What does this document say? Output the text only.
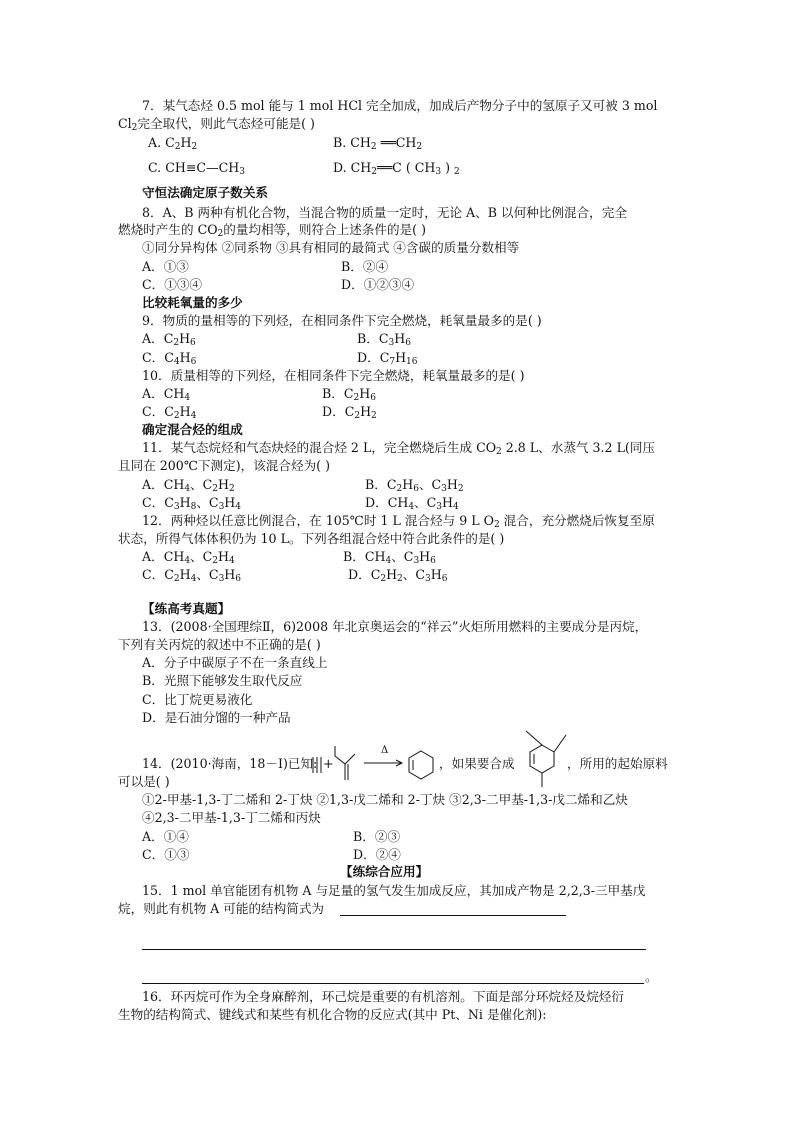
7．某气态烃 0.5 mol 能与 1 mol HCl 完全加成，加成后产物分子中的氢原子又可被 3 mol
$Cl_2$完全取代，则此气态烃可能是( )
A. $C_2H_2$	B. $CH_2$ $══CH_2$
C. $CH\equiv C—CH_3$	D. $CH_2══C$ ( $CH_3$ ) $_2$
守恒法确定原子数关系
8．A、B 两种有机化合物，当混合物的质量一定时，无论 A、B 以何种比例混合，完全
燃烧时产生的 $CO_2$的量均相等，则符合上述条件的是( )
①同分异构体 ②同系物 ③具有相同的最简式 ④含碳的质量分数相等
A．①③	B．②④
C．①③④	D．①②③④
比较耗氧量的多少
9．物质的量相等的下列烃，在相同条件下完全燃烧，耗氧量最多的是( )
A．$C_2H_6$	B．$C_3H_6$
C．$C_4H_6$	D．$C_7H_{16}$
10．质量相等的下列烃，在相同条件下完全燃烧，耗氧量最多的是( )
A．$CH_4$	B．$C_2H_6$
C．$C_2H_4$	D．$C_2H_2$
确定混合烃的组成
11．某气态烷烃和气态炔烃的混合烃 2 L，完全燃烧后生成 $CO_2$ 2.8 L、水蒸气 3.2 L(同压
且同在 200℃下测定)，该混合烃为( )
A．$CH_4$、$C_2H_2$	B．$C_2H_6$、$C_3H_2$
C．$C_3H_8$、$C_3H_4$	D．$CH_4$、$C_3H_4$
12．两种烃以任意比例混合，在 105℃时 1 L 混合烃与 9 L $O_2$ 混合，充分燃烧后恢复至原
状态，所得气体体积仍为 10 L。下列各组混合烃中符合此条件的是( )
A．$CH_4$、$C_2H_4$	B．$CH_4$、$C_3H_6$
C．$C_2H_4$、$C_3H_6$	D．$C_2H_2$、$C_3H_6$
【练高考真题】
13．(2008·全国理综Ⅱ，6)2008 年北京奥运会的“祥云”火炬所用燃料的主要成分是丙烷，
下列有关丙烷的叙述中不正确的是( )
A．分子中碳原子不在一条直线上
B．光照下能够发生取代反应
C．比丁烷更易液化
D．是石油分馏的一种产品
14．(2010·海南，18－Ⅰ)已知: +
Δ
，如果要合成	，所用的起始原料
可以是( )
①2-甲基-1,3-丁二烯和 2-丁炔 ②1,3-戊二烯和 2-丁炔 ③2,3-二甲基-1,3-戊二烯和乙炔
④2,3-二甲基-1,3-丁二烯和丙炔
A．①④	B．②③
C．①③	D．②④
【练综合应用】
15．1 mol 单官能团有机物 A 与足量的氢气发生加成反应，其加成产物是 2,2,3-三甲基戊
烷，则此有机物 A 可能的结构简式为
。
16．环丙烷可作为全身麻醉剂，环己烷是重要的有机溶剂。下面是部分环烷烃及烷烃衍
生物的结构简式、键线式和某些有机化合物的反应式(其中 Pt、Ni 是催化剂):
